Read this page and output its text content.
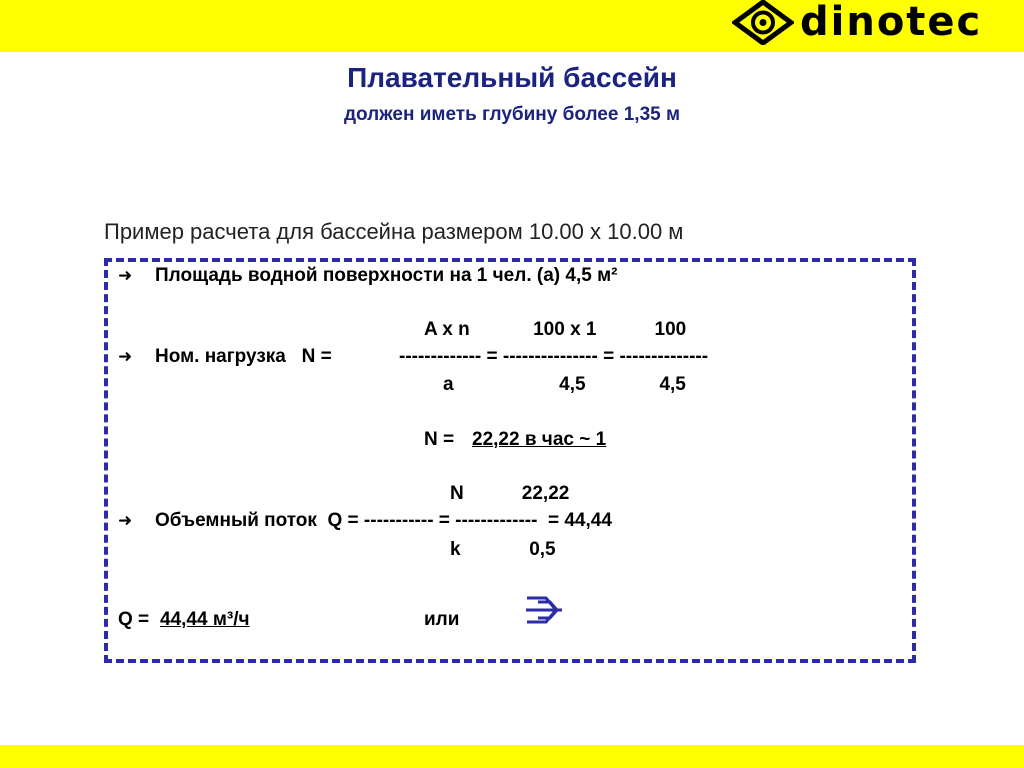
dinotec
Плавательный бассейн
должен иметь глубину более 1,35 м
Пример расчета для бассейна размером 10.00 х 10.00 м
➜ Площадь водной поверхности на 1 чел. (а) 4,5 м²
A x n            100 x 1           100
➜ Ном. нагрузка   N =	------------- = --------------- = --------------
a                    4,5              4,5
N = 22,22 в час ~ 1
N           22,22
➜ Объемный поток  Q = ----------- = -------------  = 44,44
k             0,5
Q = 44,44 м³/ч	или
